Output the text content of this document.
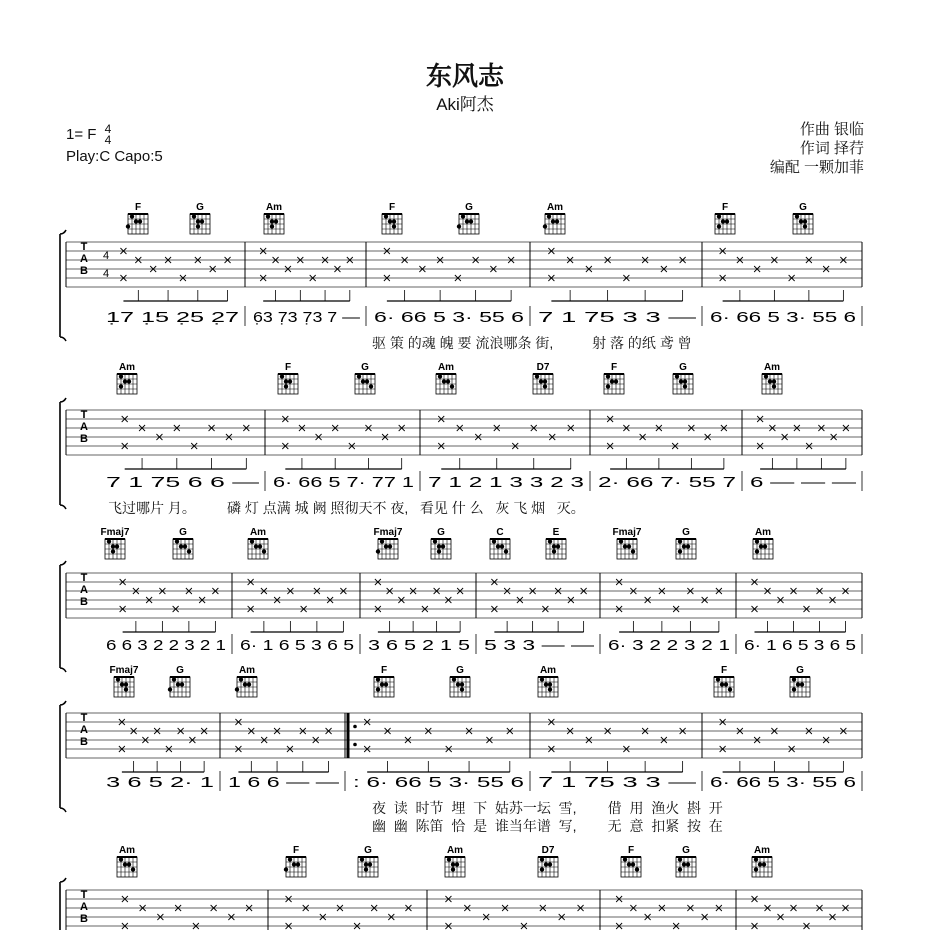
东风志
Aki阿杰
1= F 4
4
Play:C Capo:5
作曲 银临
作词 择荇
编配 一颗加菲
F	G	Am	F	G	Am	F	G
T
A
B
4
4
1̣7 1̣5 2̣5 2̣7 6̣3 7̣3 7̣3 7 — 6· 66 5 3· 55 6 7 1 75 3 3 — 6· 66 5 3· 55 6
Am	F	G	Am	D7	F	G	Am
T
A
B
7 1 75 6 6 — 6· 66 5 7· 77 1 7 1 2 1 3 3 2 3 2· 66 7· 55 7 6 — — —
Fmaj7	G	Am	Fmaj7	G	C	E	Fmaj7	G	Am
T
A
B
6 6 3 2 2 3 2 1 6· 1 6 5 3 6 5 3 6 5 2 1 5 5 3 3 — — 6· 3 2 2 3 2 1 6· 1 6 5 3 6 5
Fmaj7	G	Am	F	G	Am	F	G
T
A
B
3 6 5 2· 1 1 6 6 — — : 6· 66 5 3· 55 6 7 1 75 3 3 — 6· 66 5 3· 55 6
Am	F	G	Am	D7	F	G	Am
T
A
B
驱 策 的魂 魄 要 流浪哪条 街,          射 落 的纸 鸢 曾
飞过哪片 月。        磷 灯 点满 城 阙 照彻天不 夜,   看见 什 么   灰 飞 烟   灭。
夜  读  时节  埋  下  姑苏一坛  雪,        借  用  渔火  斟  开
幽  幽  陈笛  恰  是  谁当年谱  写,        无  意  扣紧  按  在
